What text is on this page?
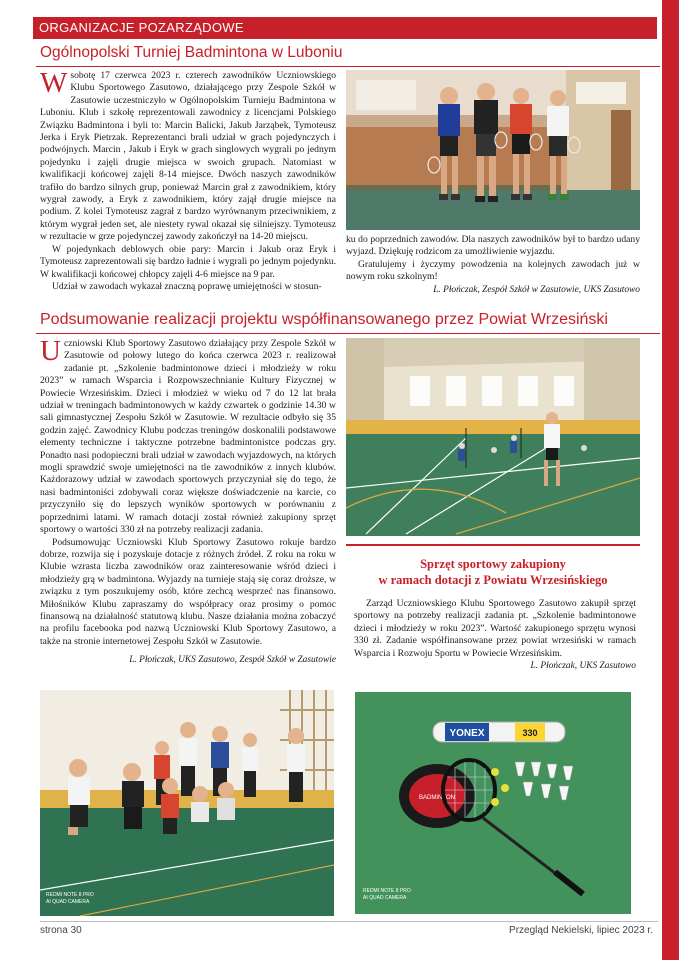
ORGANIZACJE POZARZĄDOWE
Ogólnopolski Turniej Badmintona w Luboniu

W sobotę 17 czerwca 2023 r. czterech zawodników Uczniowskiego Klubu Sportowego Zasutowo, działającego przy Zespole Szkół w Zasutowie uczestniczyło w Ogólnopolskim Turnieju Badmintona w Luboniu. Klub i szkołę reprezentowali zawodnicy z licencjami Polskiego Związku Badmintona i byli to: Marcin Balicki, Jakub Jarząbek, Tymoteusz Jerka i Eryk Pietrzak. Reprezentanci brali udział w grach pojedynczych i podwójnych. Marcin , Jakub i Eryk w grach singlowych wygrali po jednym pojedynku i zajęli drugie miejsca w swoich grupach. Natomiast w kwalifikacji końcowej zajęli 8-14 miejsce. Dwóch naszych zawodników trafiło do bardzo silnych grup, ponieważ Marcin grał z zawodnikiem, który wygrał zawody, a Eryk z zawodnikiem, który zajął drugie miejsce na podium. Z kolei Tymoteusz zagrał z bardzo wyrównanym przeciwnikiem, z którym wygrał jeden set, ale niestety rywal okazał się silniejszy. Tymoteusz w rezultacie w grze pojedynczej zawody zakończył na 14-20 miejscu.

W pojedynkach deblowych obie pary: Marcin i Jakub oraz Eryk i Tymoteusz zaprezentowali się bardzo ładnie i wygrali po jednym pojedynku. W kwalifikacji końcowej chłopcy zajęli 4-6 miejsce na 9 par.

Udział w zawodach wykazał znaczną poprawę umiejętności w stosun-

ku do poprzednich zawodów. Dla naszych zawodników był to bardzo udany wyjazd. Dziękuję rodzicom za umożliwienie wyjazdu.

Gratulujemy i życzymy powodzenia na kolejnych zawodach już w nowym roku szkolnym!

L. Płończak, Zespół Szkół w Zasutowie, UKS Zasutowo

Podsumowanie realizacji projektu współfinansowanego przez Powiat Wrzesiński

Uczniowski Klub Sportowy Zasutowo działający przy Zespole Szkół w Zasutowie od połowy lutego do końca czerwca 2023 r. realizował zadanie pt. „Szkolenie badmintonowe dzieci i młodzieży w roku 2023” w ramach Wsparcia i Rozpowszechnianie Kultury Fizycznej w Powiecie Wrzesińskim. Dzieci i młodzież w wieku od 7 do 12 lat brała udział w treningach badmintonowych w każdy czwartek o godzinie 14.30 w sali gimnastycznej Zespołu Szkół w Zasutowie. W rezultacie odbyło się 35 godzin zajęć. Zawodnicy Klubu podczas treningów doskonalili podstawowe elementy techniczne i taktyczne potrzebne badmintonistce podczas gry. Ponadto nasi podopieczni brali udział w zawodach wyjazdowych, na których mogli sprawdzić swoje umiejętności na tle zawodników z innych klubów. Każdorazowy udział w zawodach sportowych przyczyniał się do tego, że nasi badmintoniści zdobywali coraz większe doświadczenie na karcie, co przyczyniło się do lepszych wyników sportowych w porównaniu z poprzednimi latami. W ramach dotacji został również zakupiony sprzęt sportowy o wartości 330 zł na potrzeby realizacji zadania.

Podsumowując Uczniowski Klub Sportowy Zasutowo rokuje bardzo dobrze, rozwija się i pozyskuje dotacje z różnych źródeł. Z roku na roku w Klubie wzrasta liczba zawodników oraz zainteresowanie wśród dzieci i młodzieży grą w badmintona. Wyjazdy na turnieje stają się coraz droższe, w związku z tym poszukujemy osób, które zechcą wesprzeć nas finansowo. Miłośników Klubu zapraszamy do współpracy oraz prosimy o pomoc finansową na działalność statutową klubu. Nasze działania można zobaczyć na profilu facebooka pod nazwą Uczniowski Klub Sportowy Zasutowo, a także na stronie internetowej Zespołu Szkół w Zasutowie.

L. Płończak, UKS Zasutowo, Zespół Szkół w Zasutowie

Sprzęt sportowy zakupiony
w ramach dotacji z Powiatu Wrzesińskiego

Zarząd Uczniowskiego Klubu Sportowego Zasutowo zakupił sprzęt sportowy na potrzeby realizacji zadania pt. „Szkolenie badmintonowe dzieci i młodzieży w roku 2023”. Wartość zakupionego sprzętu wynosi 330 zł. Zadanie współfinansowane przez powiat wrzesiński w ramach Wsparcia i Rozwoju Sportu w Powiecie Wrzesińskim.

L. Płończak, UKS Zasutowo

REDMI NOTE 8 PRO
AI QUAD CAMERA
YONEX	330
BADMINTON
REDMI NOTE 8 PRO
AI QUAD CAMERA
strona 30	Przegląd Nekielski, lipiec 2023 r.
